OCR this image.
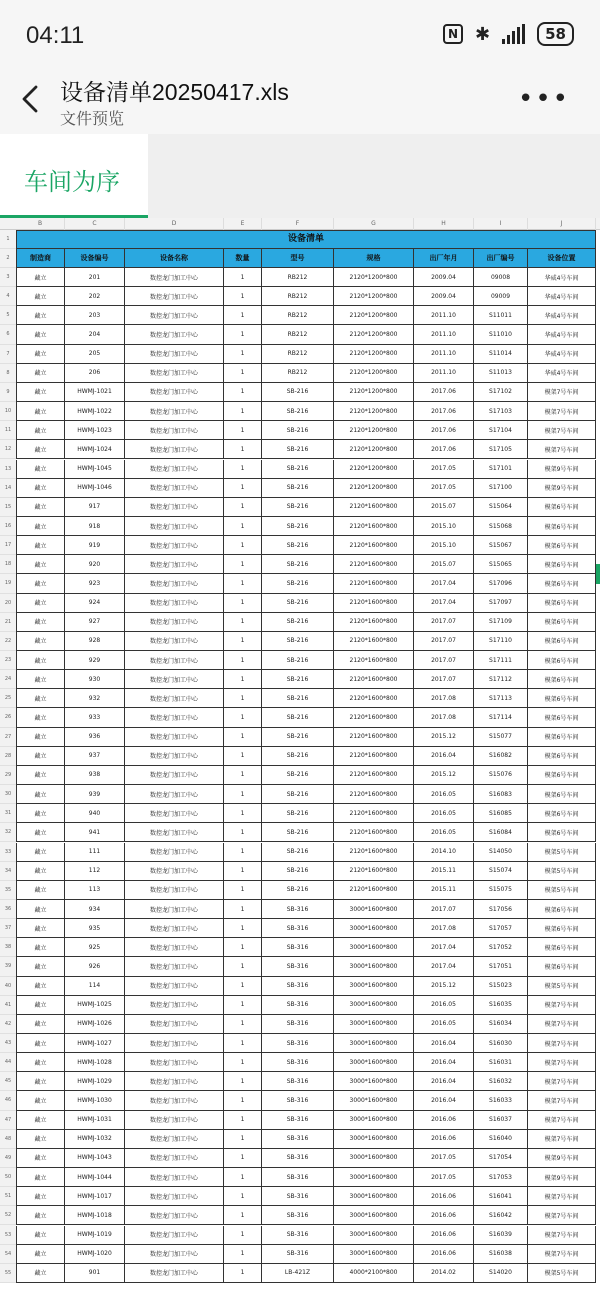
04:11	N ✱	58
设备清单20250417.xls
文件预览
•••
车间为序
B	C	D	E	F	G	H	I	J
1
2
3
4
5
6
7
8
9
10
11
12
13
14
15
16
17
18
19
20
21
22
23
24
25
26
27
28
29
30
31
32
33
34
35
36
37
38
39
40
41
42
43
44
45
46
47
48
49
50
51
52
53
54
55
设备清单
制造商	设备编号	设备名称	数量	型号	规格	出厂年月	出厂编号	设备位置
藏立	201	数控龙门加工中心	1	RB212	2120*1200*800	2009.04	09008	华威4号车间
藏立	202	数控龙门加工中心	1	RB212	2120*1200*800	2009.04	09009	华威4号车间
藏立	203	数控龙门加工中心	1	RB212	2120*1200*800	2011.10	S11011	华威4号车间
藏立	204	数控龙门加工中心	1	RB212	2120*1200*800	2011.10	S11010	华威4号车间
藏立	205	数控龙门加工中心	1	RB212	2120*1200*800	2011.10	S11014	华威4号车间
藏立	206	数控龙门加工中心	1	RB212	2120*1200*800	2011.10	S11013	华威4号车间
藏立	HWMJ-1021	数控龙门加工中心	1	SB-216	2120*1200*800	2017.06	S17102	模架7号车间
藏立	HWMJ-1022	数控龙门加工中心	1	SB-216	2120*1200*800	2017.06	S17103	模架7号车间
藏立	HWMJ-1023	数控龙门加工中心	1	SB-216	2120*1200*800	2017.06	S17104	模架7号车间
藏立	HWMJ-1024	数控龙门加工中心	1	SB-216	2120*1200*800	2017.06	S17105	模架7号车间
藏立	HWMJ-1045	数控龙门加工中心	1	SB-216	2120*1200*800	2017.05	S17101	模架9号车间
藏立	HWMJ-1046	数控龙门加工中心	1	SB-216	2120*1200*800	2017.05	S17100	模架9号车间
藏立	917	数控龙门加工中心	1	SB-216	2120*1600*800	2015.07	S15064	模架6号车间
藏立	918	数控龙门加工中心	1	SB-216	2120*1600*800	2015.10	S15068	模架6号车间
藏立	919	数控龙门加工中心	1	SB-216	2120*1600*800	2015.10	S15067	模架6号车间
藏立	920	数控龙门加工中心	1	SB-216	2120*1600*800	2015.07	S15065	模架6号车间
藏立	923	数控龙门加工中心	1	SB-216	2120*1600*800	2017.04	S17096	模架6号车间
藏立	924	数控龙门加工中心	1	SB-216	2120*1600*800	2017.04	S17097	模架6号车间
藏立	927	数控龙门加工中心	1	SB-216	2120*1600*800	2017.07	S17109	模架6号车间
藏立	928	数控龙门加工中心	1	SB-216	2120*1600*800	2017.07	S17110	模架6号车间
藏立	929	数控龙门加工中心	1	SB-216	2120*1600*800	2017.07	S17111	模架6号车间
藏立	930	数控龙门加工中心	1	SB-216	2120*1600*800	2017.07	S17112	模架6号车间
藏立	932	数控龙门加工中心	1	SB-216	2120*1600*800	2017.08	S17113	模架6号车间
藏立	933	数控龙门加工中心	1	SB-216	2120*1600*800	2017.08	S17114	模架6号车间
藏立	936	数控龙门加工中心	1	SB-216	2120*1600*800	2015.12	S15077	模架6号车间
藏立	937	数控龙门加工中心	1	SB-216	2120*1600*800	2016.04	S16082	模架6号车间
藏立	938	数控龙门加工中心	1	SB-216	2120*1600*800	2015.12	S15076	模架6号车间
藏立	939	数控龙门加工中心	1	SB-216	2120*1600*800	2016.05	S16083	模架6号车间
藏立	940	数控龙门加工中心	1	SB-216	2120*1600*800	2016.05	S16085	模架6号车间
藏立	941	数控龙门加工中心	1	SB-216	2120*1600*800	2016.05	S16084	模架6号车间
藏立	111	数控龙门加工中心	1	SB-216	2120*1600*800	2014.10	S14050	模架5号车间
藏立	112	数控龙门加工中心	1	SB-216	2120*1600*800	2015.11	S15074	模架5号车间
藏立	113	数控龙门加工中心	1	SB-216	2120*1600*800	2015.11	S15075	模架5号车间
藏立	934	数控龙门加工中心	1	SB-316	3000*1600*800	2017.07	S17056	模架6号车间
藏立	935	数控龙门加工中心	1	SB-316	3000*1600*800	2017.08	S17057	模架6号车间
藏立	925	数控龙门加工中心	1	SB-316	3000*1600*800	2017.04	S17052	模架6号车间
藏立	926	数控龙门加工中心	1	SB-316	3000*1600*800	2017.04	S17051	模架6号车间
藏立	114	数控龙门加工中心	1	SB-316	3000*1600*800	2015.12	S15023	模架5号车间
藏立	HWMJ-1025	数控龙门加工中心	1	SB-316	3000*1600*800	2016.05	S16035	模架7号车间
藏立	HWMJ-1026	数控龙门加工中心	1	SB-316	3000*1600*800	2016.05	S16034	模架7号车间
藏立	HWMJ-1027	数控龙门加工中心	1	SB-316	3000*1600*800	2016.04	S16030	模架7号车间
藏立	HWMJ-1028	数控龙门加工中心	1	SB-316	3000*1600*800	2016.04	S16031	模架7号车间
藏立	HWMJ-1029	数控龙门加工中心	1	SB-316	3000*1600*800	2016.04	S16032	模架7号车间
藏立	HWMJ-1030	数控龙门加工中心	1	SB-316	3000*1600*800	2016.04	S16033	模架7号车间
藏立	HWMJ-1031	数控龙门加工中心	1	SB-316	3000*1600*800	2016.06	S16037	模架7号车间
藏立	HWMJ-1032	数控龙门加工中心	1	SB-316	3000*1600*800	2016.06	S16040	模架7号车间
藏立	HWMJ-1043	数控龙门加工中心	1	SB-316	3000*1600*800	2017.05	S17054	模架9号车间
藏立	HWMJ-1044	数控龙门加工中心	1	SB-316	3000*1600*800	2017.05	S17053	模架9号车间
藏立	HWMJ-1017	数控龙门加工中心	1	SB-316	3000*1600*800	2016.06	S16041	模架7号车间
藏立	HWMJ-1018	数控龙门加工中心	1	SB-316	3000*1600*800	2016.06	S16042	模架7号车间
藏立	HWMJ-1019	数控龙门加工中心	1	SB-316	3000*1600*800	2016.06	S16039	模架7号车间
藏立	HWMJ-1020	数控龙门加工中心	1	SB-316	3000*1600*800	2016.06	S16038	模架7号车间
藏立	901	数控龙门加工中心	1	LB-421Z	4000*2100*800	2014.02	S14020	模架5号车间
